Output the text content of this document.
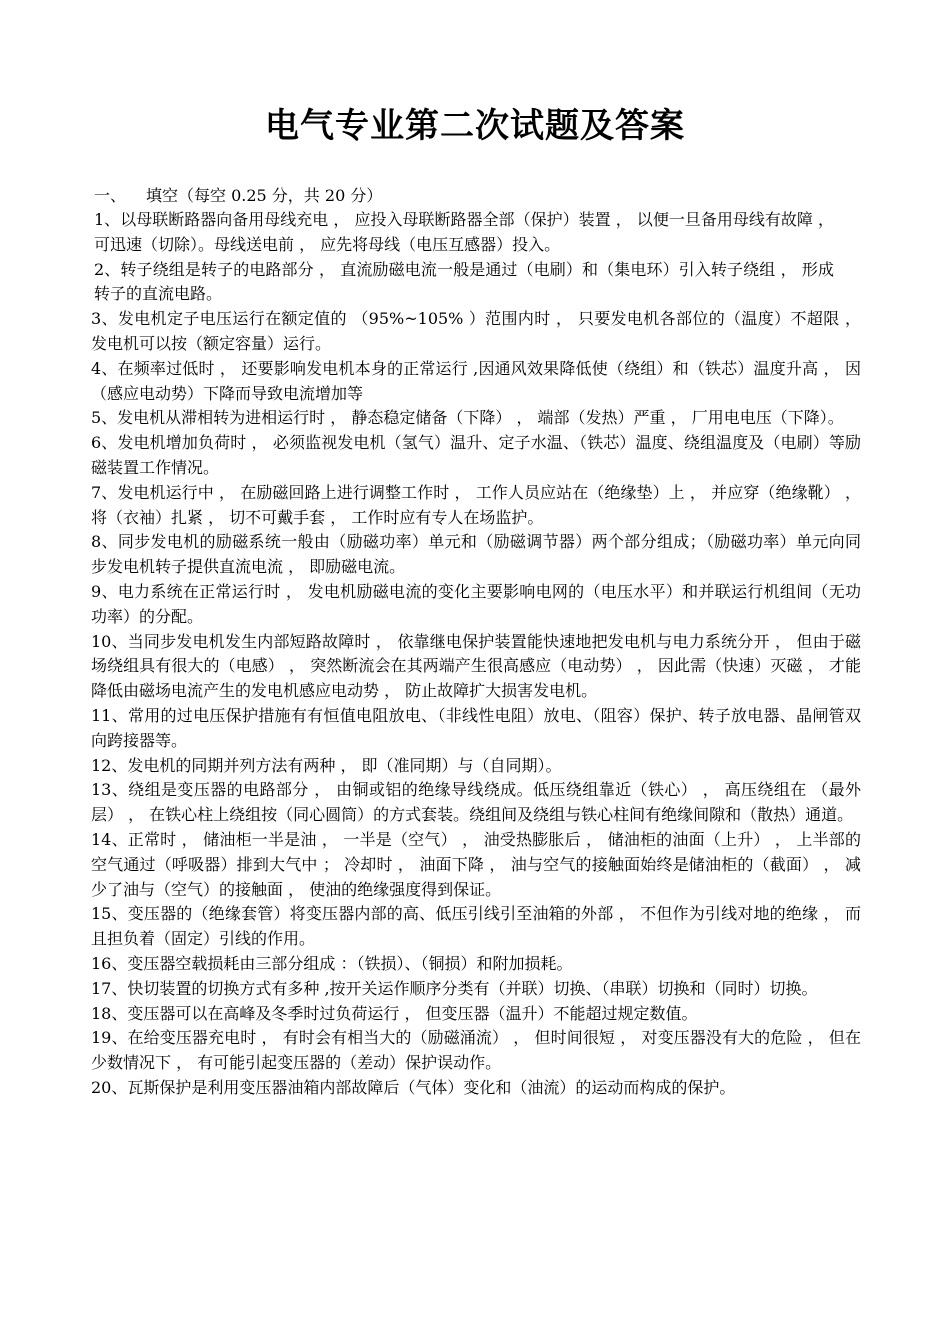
电气专业第二次试题及答案
一、 填空（每空 0.25 分，共 20 分）

1、以母联断路器向备用母线充电 ， 应投入母联断路器全部（保护）装置 ， 以便一旦备用母线有故障 ， 可迅速（切除）。母线送电前 ， 应先将母线（电压互感器）投入。

2、转子绕组是转子的电路部分 ， 直流励磁电流一般是通过（电刷）和（集电环）引入转子绕组 ， 形成转子的直流电路。

3、发电机定子电压运行在额定值的 （95%~105% ）范围内时 ， 只要发电机各部位的（温度）不超限 ， 发电机可以按（额定容量）运行。

4、在频率过低时 ， 还要影响发电机本身的正常运行 ,因通风效果降低使（绕组）和（铁芯）温度升高 ， 因（感应电动势）下降而导致电流增加等

5、发电机从滞相转为进相运行时 ， 静态稳定储备（下降） ， 端部（发热）严重 ， 厂用电电压（下降）。

6、发电机增加负荷时 ， 必须监视发电机（氢气）温升、定子水温、（铁芯）温度、绕组温度及（电刷）等励磁装置工作情况。

7、发电机运行中 ， 在励磁回路上进行调整工作时 ， 工作人员应站在（绝缘垫）上 ， 并应穿（绝缘靴） ， 将（衣袖）扎紧 ， 切不可戴手套 ， 工作时应有专人在场监护。

8、同步发电机的励磁系统一般由（励磁功率）单元和（励磁调节器）两个部分组成；（励磁功率）单元向同步发电机转子提供直流电流 ， 即励磁电流。

9、电力系统在正常运行时 ， 发电机励磁电流的变化主要影响电网的（电压水平）和并联运行机组间（无功功率）的分配。

10、当同步发电机发生内部短路故障时 ， 依靠继电保护装置能快速地把发电机与电力系统分开 ， 但由于磁场绕组具有很大的（电感） ， 突然断流会在其两端产生很高感应（电动势） ， 因此需（快速）灭磁 ， 才能降低由磁场电流产生的发电机感应电动势 ， 防止故障扩大损害发电机。

11、常用的过电压保护措施有有恒值电阻放电、（非线性电阻）放电、（阻容）保护、转子放电器、晶闸管双向跨接器等。

12、发电机的同期并列方法有两种 ， 即（准同期）与（自同期）。

13、绕组是变压器的电路部分 ， 由铜或铝的绝缘导线绕成。低压绕组靠近（铁心） ， 高压绕组在 （最外层） ， 在铁心柱上绕组按（同心圆筒）的方式套装。绕组间及绕组与铁心柱间有绝缘间隙和（散热）通道。

14、正常时 ， 储油柜一半是油 ， 一半是（空气） ， 油受热膨胀后 ， 储油柜的油面（上升） ， 上半部的空气通过（呼吸器）排到大气中 ； 冷却时 ， 油面下降 ， 油与空气的接触面始终是储油柜的（截面） ， 减少了油与（空气）的接触面 ， 使油的绝缘强度得到保证。

15、变压器的（绝缘套管）将变压器内部的高、低压引线引至油箱的外部 ， 不但作为引线对地的绝缘 ， 而且担负着（固定）引线的作用。

16、变压器空载损耗由三部分组成 ：（铁损）、（铜损）和附加损耗。

17、快切装置的切换方式有多种 ,按开关运作顺序分类有（并联）切换、（串联）切换和（同时）切换。

18、变压器可以在高峰及冬季时过负荷运行 ， 但变压器（温升）不能超过规定数值。

19、在给变压器充电时 ， 有时会有相当大的（励磁涌流） ， 但时间很短 ， 对变压器没有大的危险 ， 但在少数情况下 ， 有可能引起变压器的（差动）保护误动作。

20、瓦斯保护是利用变压器油箱内部故障后（气体）变化和（油流）的运动而构成的保护。
